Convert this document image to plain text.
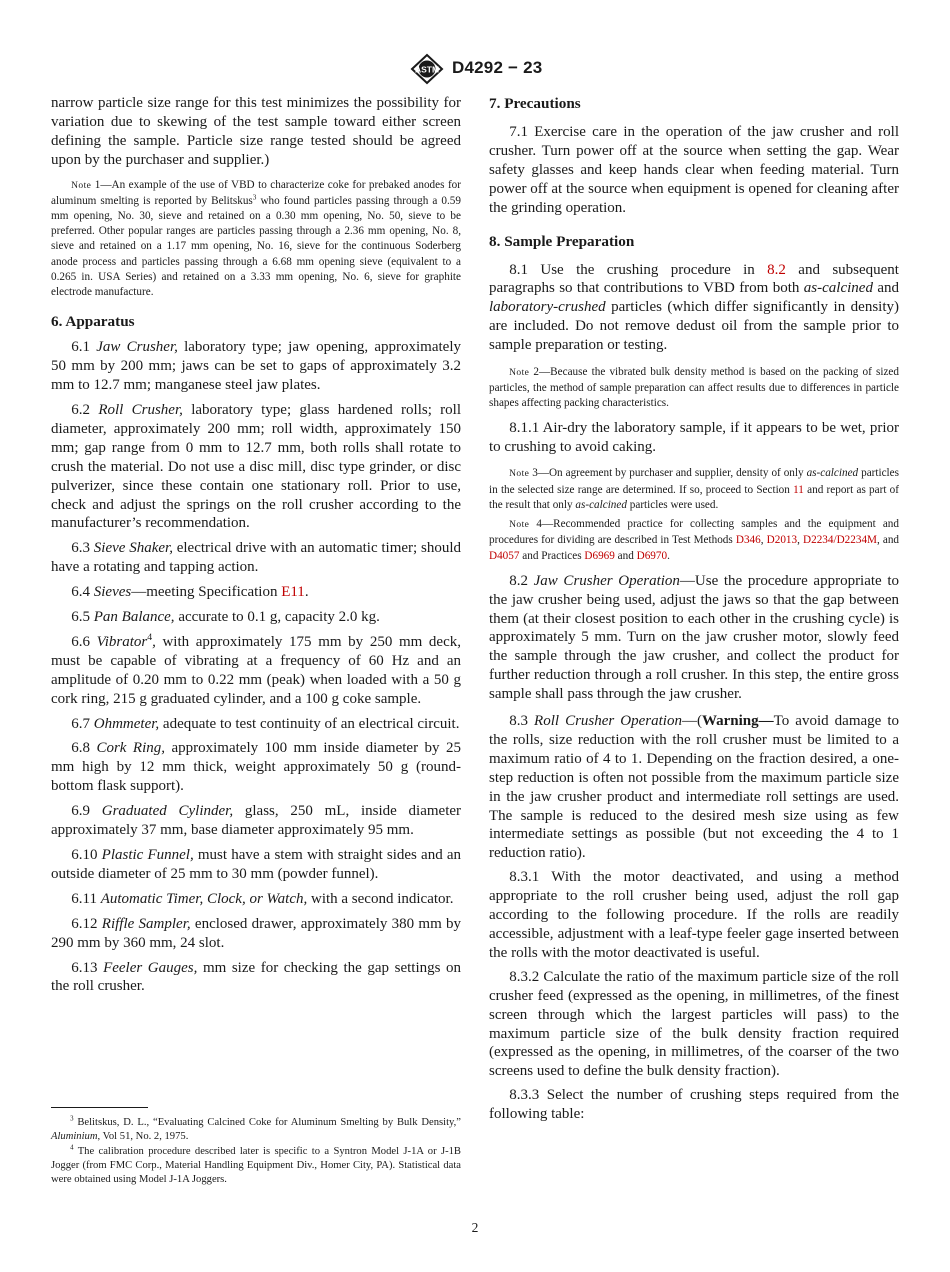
ASTM D4292 − 23

narrow particle size range for this test minimizes the possibility for variation due to skewing of the test sample toward either screen defining the sample. Particle size range tested should be agreed upon by the purchaser and supplier.)

Note 1—An example of the use of VBD to characterize coke for prebaked anodes for aluminum smelting is reported by Belitskus$^3$ who found particles passing through a 0.59 mm opening, No. 30, sieve and retained on a 0.30 mm opening, No. 50, sieve to be preferred. Other popular ranges are particles passing through a 2.36 mm opening, No. 8, sieve and retained on a 1.17 mm opening, No. 16, sieve for the continuous Soderberg anode process and particles passing through a 6.68 mm opening sieve (equivalent to a 0.265 in. USA Series) and retained on a 3.33 mm opening, No. 6, sieve for graphite electrode manufacture.

6. Apparatus

6.1 Jaw Crusher, laboratory type; jaw opening, approximately 50 mm by 200 mm; jaws can be set to gaps of approximately 3.2 mm to 12.7 mm; manganese steel jaw plates.

6.2 Roll Crusher, laboratory type; glass hardened rolls; roll diameter, approximately 200 mm; roll width, approximately 150 mm; gap range from 0 mm to 12.7 mm, both rolls shall rotate to crush the material. Do not use a disc mill, disc type grinder, or disc pulverizer, since these contain one stationary roll. Prior to use, check and adjust the springs on the roll crusher according to the manufacturer’s recommendation.

6.3 Sieve Shaker, electrical drive with an automatic timer; should have a rotating and tapping action.

6.4 Sieves—meeting Specification E11.

6.5 Pan Balance, accurate to 0.1 g, capacity 2.0 kg.

6.6 Vibrator$^4$, with approximately 175 mm by 250 mm deck, must be capable of vibrating at a frequency of 60 Hz and an amplitude of 0.20 mm to 0.22 mm (peak) when loaded with a 50 g cork ring, 215 g graduated cylinder, and a 100 g coke sample.

6.7 Ohmmeter, adequate to test continuity of an electrical circuit.

6.8 Cork Ring, approximately 100 mm inside diameter by 25 mm high by 12 mm thick, weight approximately 50 g (round-bottom flask support).

6.9 Graduated Cylinder, glass, 250 mL, inside diameter approximately 37 mm, base diameter approximately 95 mm.

6.10 Plastic Funnel, must have a stem with straight sides and an outside diameter of 25 mm to 30 mm (powder funnel).

6.11 Automatic Timer, Clock, or Watch, with a second indicator.

6.12 Riffle Sampler, enclosed drawer, approximately 380 mm by 290 mm by 360 mm, 24 slot.

6.13 Feeler Gauges, mm size for checking the gap settings on the roll crusher.

$^3$ Belitskus, D. L., “Evaluating Calcined Coke for Aluminum Smelting by Bulk Density,” Aluminium, Vol 51, No. 2, 1975.

$^4$ The calibration procedure described later is specific to a Syntron Model J-1A or J-1B Jogger (from FMC Corp., Material Handling Equipment Div., Homer City, PA). Statistical data were obtained using Model J-1A Joggers.

7. Precautions

7.1 Exercise care in the operation of the jaw crusher and roll crusher. Turn power off at the source when setting the gap. Wear safety glasses and keep hands clear when feeding material. Turn power off at the source when equipment is opened for cleaning after the grinding operation.

8. Sample Preparation

8.1 Use the crushing procedure in 8.2 and subsequent paragraphs so that contributions to VBD from both as-calcined and laboratory-crushed particles (which differ significantly in density) are included. Do not remove dedust oil from the sample prior to sample preparation or testing.

Note 2—Because the vibrated bulk density method is based on the packing of sized particles, the method of sample preparation can affect results due to differences in particle shapes affecting packing characteristics.

8.1.1 Air-dry the laboratory sample, if it appears to be wet, prior to crushing to avoid caking.

Note 3—On agreement by purchaser and supplier, density of only as-calcined particles in the selected size range are determined. If so, proceed to Section 11 and report as part of the result that only as-calcined particles were used.

Note 4—Recommended practice for collecting samples and the equipment and procedures for dividing are described in Test Methods D346, D2013, D2234/D2234M, and D4057 and Practices D6969 and D6970.

8.2 Jaw Crusher Operation—Use the procedure appropriate to the jaw crusher being used, adjust the jaws so that the gap between them (at their closest position to each other in the crushing cycle) is approximately 5 mm. Turn on the jaw crusher motor, slowly feed the sample through the jaw crusher, and collect the product for further reduction through a roll crusher. In this step, the entire gross sample shall pass through the jaw crusher.

8.3 Roll Crusher Operation—(Warning—To avoid damage to the rolls, size reduction with the roll crusher must be limited to a maximum ratio of 4 to 1. Depending on the fraction desired, a one-step reduction is often not possible from the maximum particle size in the jaw crusher product and intermediate roll settings are used. The sample is reduced to the desired mesh size using as few intermediate settings as possible (but not exceeding the 4 to 1 reduction ratio).

8.3.1 With the motor deactivated, and using a method appropriate to the roll crusher being used, adjust the roll gap according to the following procedure. If the rolls are readily accessible, adjustment with a leaf-type feeler gage inserted between the rolls with the motor deactivated is useful.

8.3.2 Calculate the ratio of the maximum particle size of the roll crusher feed (expressed as the opening, in millimetres, of the finest screen through which the largest particles will pass) to the maximum particle size of the bulk density fraction required (expressed as the opening, in millimetres, of the coarser of the two screens used to define the bulk density fraction).

8.3.3 Select the number of crushing steps required from the following table:

2
